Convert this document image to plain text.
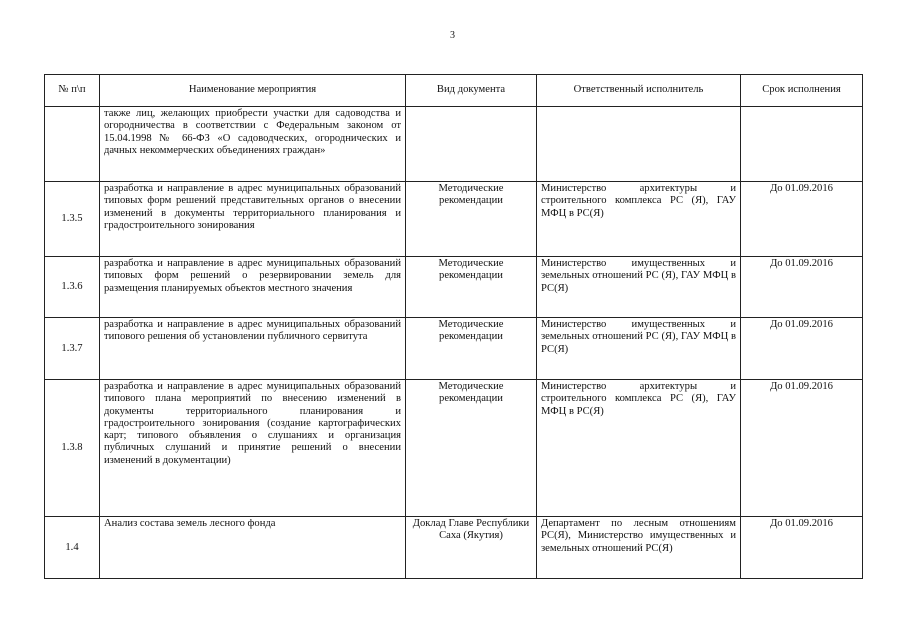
3
№ п\п	Наименование мероприятия	Вид документа	Ответственный исполнитель	Срок исполнения
	также лиц, желающих приобрести участки для садоводства и огородничества в соответствии с Федеральным законом от 15.04.1998 № 66-ФЗ «О садоводческих, огороднических и дачных некоммерческих объединениях граждан»			
1.3.5	разработка и направление в адрес муниципальных образований типовых форм решений представительных органов о внесении изменений в документы территориального планирования и градостроительного зонирования	Методические рекомендации	Министерство архитектуры и строительного комплекса РС (Я), ГАУ МФЦ в РС(Я)	До 01.09.2016
1.3.6	разработка и направление в адрес муниципальных образований типовых форм решений о резервировании земель для размещения планируемых объектов местного значения	Методические рекомендации	Министерство имущественных и земельных отношений РС (Я), ГАУ МФЦ в РС(Я)	До 01.09.2016
1.3.7	разработка и направление в адрес муниципальных образований типового решения об установлении публичного сервитута	Методические рекомендации	Министерство имущественных и земельных отношений РС (Я), ГАУ МФЦ в РС(Я)	До 01.09.2016
1.3.8	разработка и направление в адрес муниципальных образований типового плана мероприятий по внесению изменений в документы территориального планирования и градостроительного зонирования (создание картографических карт; типового объявления о слушаниях и организация публичных слушаний и принятие решений о внесении изменений в документации)	Методические рекомендации	Министерство архитектуры и строительного комплекса РС (Я), ГАУ МФЦ в РС(Я)	До 01.09.2016
1.4	Анализ состава земель лесного фонда	Доклад Главе Республики Саха (Якутия)	Департамент по лесным отношениям РС(Я), Министерство имущественных и земельных отношений РС(Я)	До 01.09.2016
